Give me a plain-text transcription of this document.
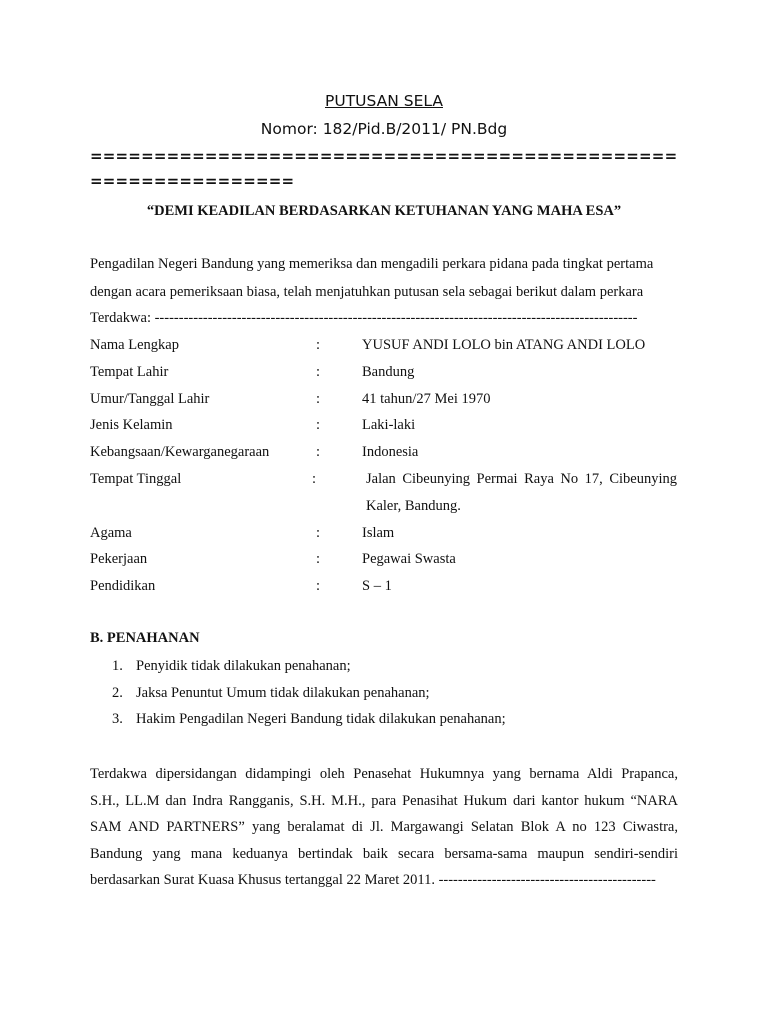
PUTUSAN SELA
Nomor: 182/Pid.B/2011/ PN.Bdg
==============================================
================
“DEMI KEADILAN BERDASARKAN KETUHANAN YANG MAHA ESA”
Pengadilan Negeri Bandung yang memeriksa dan mengadili perkara pidana pada tingkat pertama
dengan acara pemeriksaan biasa, telah menjatuhkan putusan sela sebagai berikut dalam perkara
Terdakwa: ----------------------------------------------------------------------------------------------------
Nama Lengkap	:	YUSUF ANDI LOLO bin ATANG ANDI LOLO
Tempat Lahir	:	Bandung
Umur/Tanggal Lahir	:	41 tahun/27 Mei 1970
Jenis Kelamin	:	Laki-laki
Kebangsaan/Kewarganegaraan	:	Indonesia
Tempat Tinggal	:	Jalan Cibeunying Permai Raya No 17, Cibeunying
Kaler, Bandung.
Agama	:	Islam
Pekerjaan	:	Pegawai Swasta
Pendidikan	:	S – 1
B. PENAHANAN
1. Penyidik tidak dilakukan penahanan;
2. Jaksa Penuntut Umum tidak dilakukan penahanan;
3. Hakim Pengadilan Negeri Bandung tidak dilakukan penahanan;
Terdakwa dipersidangan didampingi oleh Penasehat Hukumnya yang bernama Aldi Prapanca,
S.H., LL.M dan Indra Rangganis, S.H. M.H., para Penasihat Hukum dari kantor hukum “NARA
SAM AND PARTNERS” yang beralamat di Jl. Margawangi Selatan Blok A no 123 Ciwastra,
Bandung yang mana keduanya bertindak baik secara bersama-sama maupun sendiri-sendiri
berdasarkan Surat Kuasa Khusus tertanggal 22 Maret 2011. ---------------------------------------------
